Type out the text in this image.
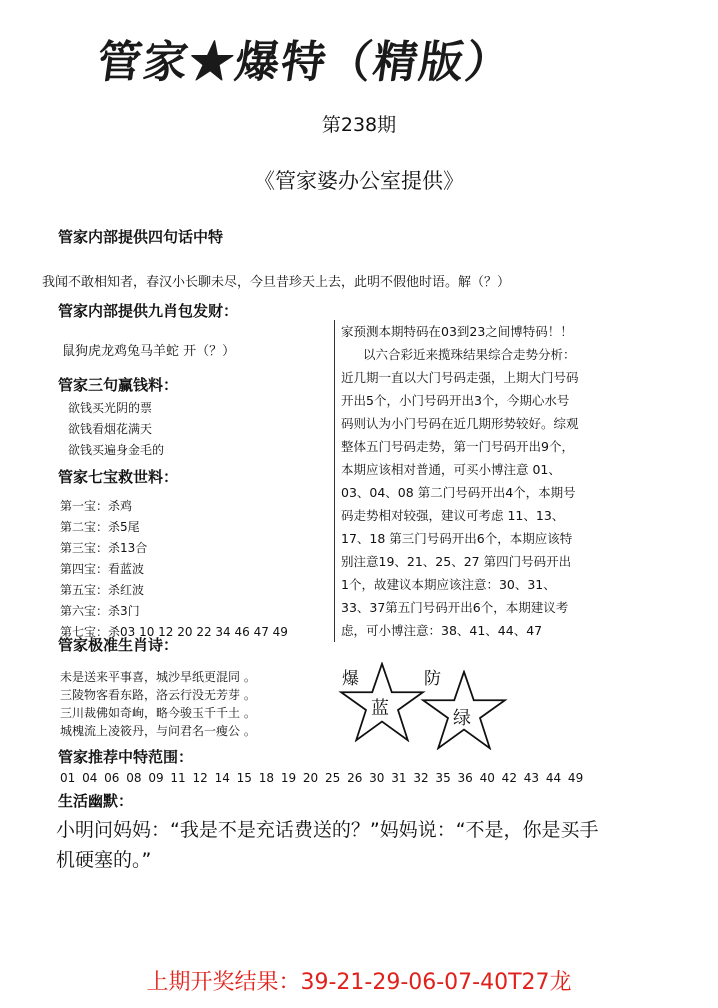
管家★爆特（精版）
第238期
《管家婆办公室提供》
管家内部提供四句话中特
我闻不敢相知者，春汉小长聊未尽，今旦昔珍天上去，此明不假他时语。解（？）
管家内部提供九肖包发财：
鼠狗虎龙鸡兔马羊蛇 开（？）
管家三句赢钱料：
欲钱买光阴的票
欲钱看烟花满天
欲钱买遍身金毛的
管家七宝救世料：
第一宝：杀鸡
第二宝：杀5尾
第三宝：杀13合
第四宝：看蓝波
第五宝：杀红波
第六宝：杀3门
第七宝：杀03 10 12 20 22 34 46 47 49
管家极准生肖诗：
未是送来平事喜，城沙旱纸更混同 。
三陵物客看东路，洛云行没无芳芽 。
三川裁佛如奇峋，略今骏玉千千土 。
城槐流上凌筱丹，与问君名一瘦公 。

家预测本期特码在03到23之间博特码！！

以六合彩近来揽珠结果综合走势分析：近几期一直以大门号码走强，上期大门号码开出5个，小门号码开出3个，今期心水号码则认为小门号码在近几期形势较好。综观整体五门号码走势，第一门号码开出9个，本期应该相对普通，可买小博注意 01、03、04、08 第二门号码开出4个，本期号码走势相对较强，建议可考虑 11、13、17、18 第三门号码开出6个，本期应该特别注意19、21、25、27 第四门号码开出1个，故建议本期应该注意：30、31、33、37第五门号码开出6个，本期建议考虑，可小博注意：38、41、44、47

爆	防
蓝	绿
管家推荐中特范围：
01 04 06 08 09 11 12 14 15 18 19 20 25 26 30 31 32 35 36 40 42 43 44 49
生活幽默：
小明问妈妈：“我是不是充话费送的？”妈妈说：“不是，你是买手机硬塞的。”
上期开奖结果：39-21-29-06-07-40T27龙
